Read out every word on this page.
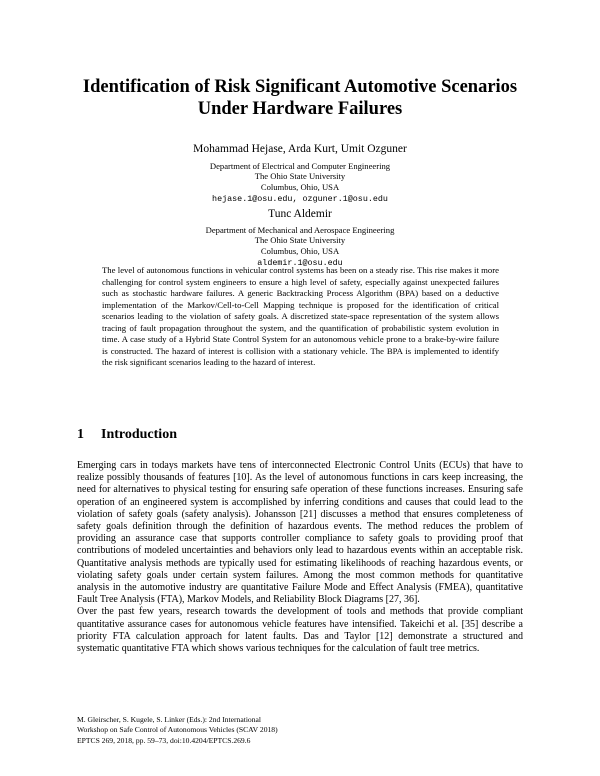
Identification of Risk Significant Automotive Scenarios Under Hardware Failures
Mohammad Hejase, Arda Kurt, Umit Ozguner
Department of Electrical and Computer Engineering
The Ohio State University
Columbus, Ohio, USA
hejase.1@osu.edu, ozguner.1@osu.edu
Tunc Aldemir
Department of Mechanical and Aerospace Engineering
The Ohio State University
Columbus, Ohio, USA
aldemir.1@osu.edu

The level of autonomous functions in vehicular control systems has been on a steady rise. This rise makes it more challenging for control system engineers to ensure a high level of safety, especially against unexpected failures such as stochastic hardware failures. A generic Backtracking Process Algorithm (BPA) based on a deductive implementation of the Markov/Cell-to-Cell Mapping technique is proposed for the identification of critical scenarios leading to the violation of safety goals. A discretized state-space representation of the system allows tracing of fault propagation throughout the system, and the quantification of probabilistic system evolution in time. A case study of a Hybrid State Control System for an autonomous vehicle prone to a brake-by-wire failure is constructed. The hazard of interest is collision with a stationary vehicle. The BPA is implemented to identify the risk significant scenarios leading to the hazard of interest.

1 Introduction

Emerging cars in todays markets have tens of interconnected Electronic Control Units (ECUs) that have to realize possibly thousands of features [10]. As the level of autonomous functions in cars keep increasing, the need for alternatives to physical testing for ensuring safe operation of these functions increases. Ensuring safe operation of an engineered system is accomplished by inferring conditions and causes that could lead to the violation of safety goals (safety analysis). Johansson [21] discusses a method that ensures completeness of safety goals definition through the definition of hazardous events. The method reduces the problem of providing an assurance case that supports controller compliance to safety goals to providing proof that contributions of modeled uncertainties and behaviors only lead to hazardous events within an acceptable risk. Quantitative analysis methods are typically used for estimating likelihoods of reaching hazardous events, or violating safety goals under certain system failures. Among the most common methods for quantitative analysis in the automotive industry are quantitative Failure Mode and Effect Analysis (FMEA), quantitative Fault Tree Analysis (FTA), Markov Models, and Reliability Block Diagrams [27, 36].

Over the past few years, research towards the development of tools and methods that provide compliant quantitative assurance cases for autonomous vehicle features have intensified. Takeichi et al. [35] describe a priority FTA calculation approach for latent faults. Das and Taylor [12] demonstrate a structured and systematic quantitative FTA which shows various techniques for the calculation of fault tree metrics.

M. Gleirscher, S. Kugele, S. Linker (Eds.): 2nd International
Workshop on Safe Control of Autonomous Vehicles (SCAV 2018)
EPTCS 269, 2018, pp. 59–73, doi:10.4204/EPTCS.269.6
